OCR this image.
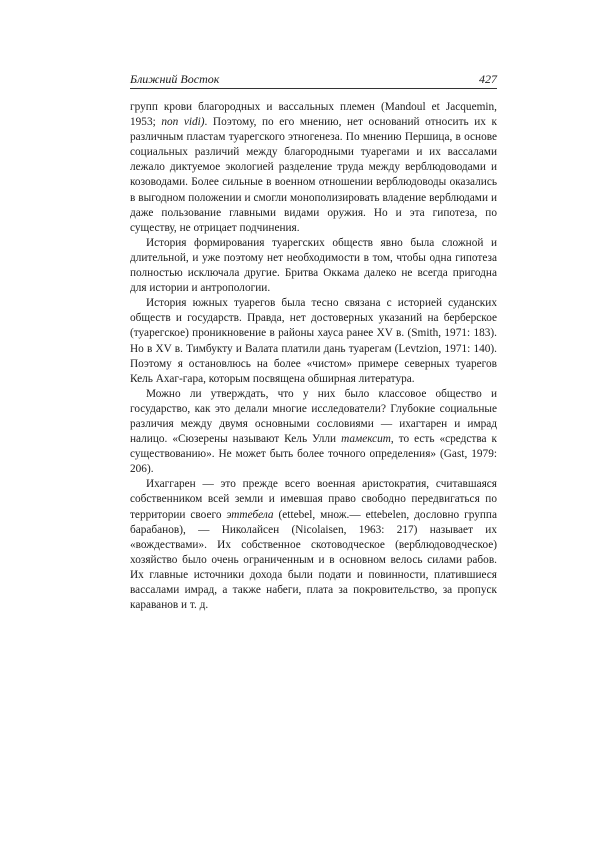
Ближний Восток	427

групп крови благородных и вассальных племен (Mandoul et Jacquemin, 1953; non vidi). Поэтому, по его мнению, нет оснований относить их к различным пластам туарегского этногенеза. По мнению Першица, в основе социальных различий между благородными туарегами и их вассалами лежало диктуемое экологией разделение труда между верблюдоводами и козоводами. Более сильные в военном отношении верблюдоводы оказались в выгодном положении и смогли монополизировать владение верблюдами и даже пользование главными видами оружия. Но и эта гипотеза, по существу, не отрицает подчинения.

История формирования туарегских обществ явно была сложной и длительной, и уже поэтому нет необходимости в том, чтобы одна гипотеза полностью исключала другие. Бритва Оккама далеко не всегда пригодна для истории и антропологии.

История южных туарегов была тесно связана с историей суданских обществ и государств. Правда, нет достоверных указаний на берберское (туарегское) проникновение в районы хауса ранее XV в. (Smith, 1971: 183). Но в XV в. Тимбукту и Валата платили дань туарегам (Levtzion, 1971: 140). Поэтому я остановлюсь на более «чистом» примере северных туарегов Кель Ахаг-гара, которым посвящена обширная литература.

Можно ли утверждать, что у них было классовое общество и государство, как это делали многие исследователи? Глубокие социальные различия между двумя основными сословиями — ихагтарен и имрад налицо. «Сюзерены называют Кель Улли тамексит, то есть «средства к существованию». Не может быть более точного определения» (Gast, 1979: 206).

Ихаггарен — это прежде всего военная аристократия, считавшаяся собственником всей земли и имевшая право свободно передвигаться по территории своего эттебела (ettebel, множ.— ettebelen, дословно группа барабанов), — Николайсен (Nicolaisen, 1963: 217) называет их «вождествами». Их собственное скотоводческое (верблюдоводческое) хозяйство было очень ограниченным и в основном велось силами рабов. Их главные источники дохода были подати и повинности, платившиеся вассалами имрад, а также набеги, плата за покровительство, за пропуск караванов и т. д.
